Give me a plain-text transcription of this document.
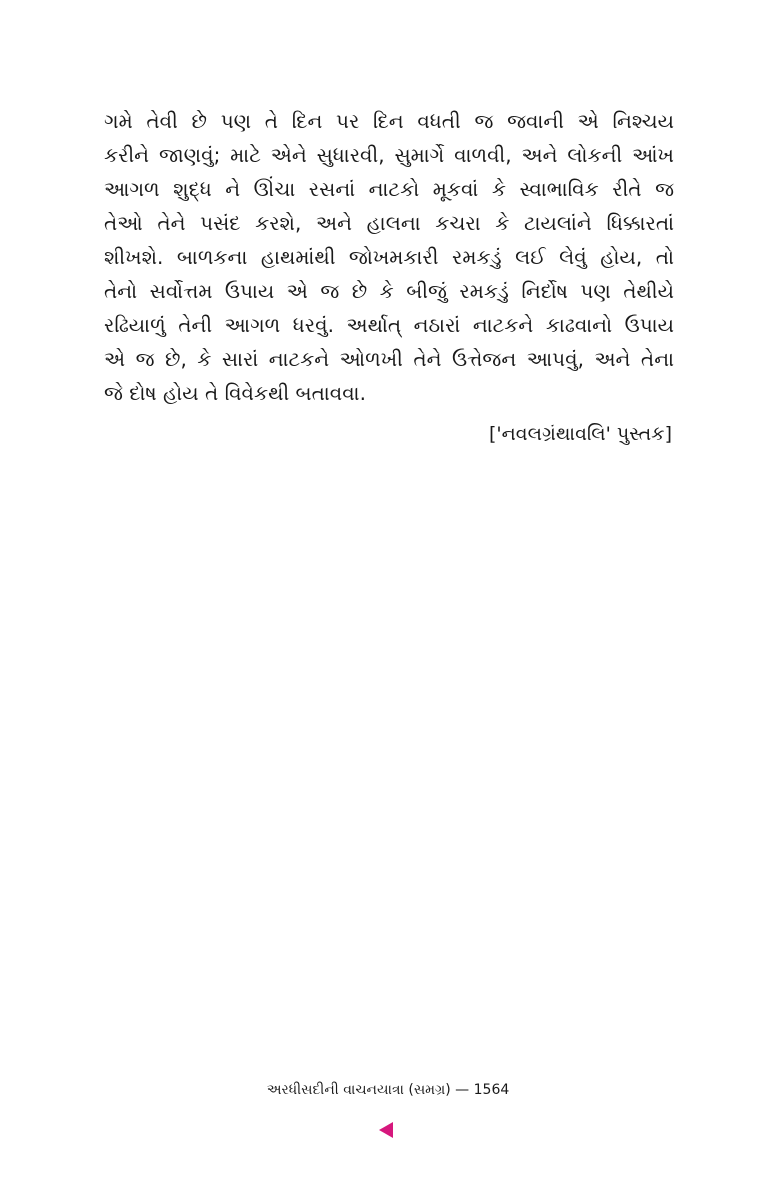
ગમે તેવી છે પણ તે દિન પર દિન વધતી જ જવાની એ નિશ્ચય
કરીને જાણવું; માટે એને સુધારવી, સુમાર્ગે વાળવી, અને લોકની આંખ
આગળ શુદ્ધ ને ઊંચા રસનાં નાટકો મૂકવાં કે સ્વાભાવિક રીતે જ
તેઓ તેને પસંદ કરશે, અને હાલના કચરા કે ટાયલાંને ધિક્કારતાં
શીખશે. બાળકના હાથમાંથી જોખમકારી રમકડું લઈ લેવું હોય, તો
તેનો સર્વોત્તમ ઉપાય એ જ છે કે બીજું રમકડું નિર્દોષ પણ તેથીયે
રઢિયાળું તેની આગળ ધરવું. અર્થાત્ નઠારાં નાટકને કાઢવાનો ઉપાય
એ જ છે, કે સારાં નાટકને ઓળખી તેને ઉત્તેજન આપવું, અને તેના
જે દોષ હોય તે વિવેકથી બતાવવા.
['નવલગ્રંથાવલિ' પુસ્તક]
અરધીસદીની વાચનયાત્રા (સમગ્ર) — 1564
